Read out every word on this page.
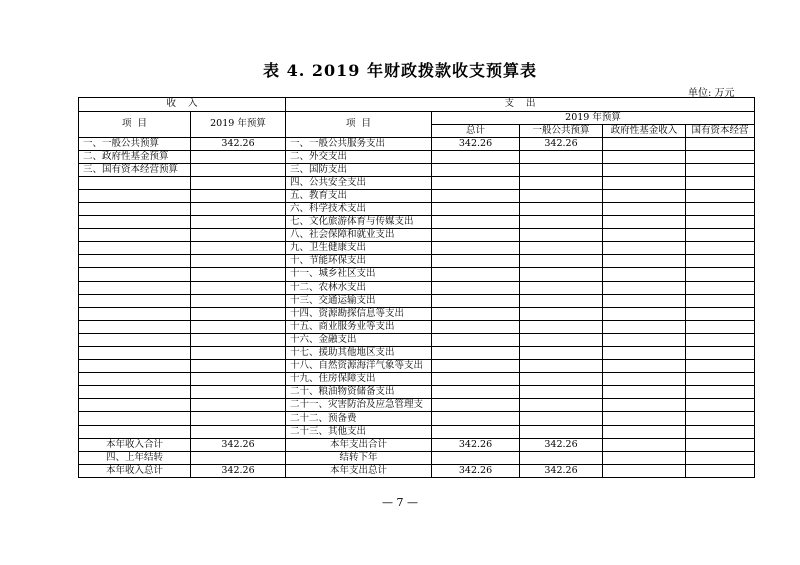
表 4. 2019 年财政拨款收支预算表
单位: 万元
收    入		支    出				
项  目	2019 年预算	项  目	2019 年预算			
			总计	一般公共预算	政府性基金收入	国有资本经营
一、一般公共预算	342.26	一、一般公共服务支出	342.26	342.26		
二、政府性基金预算		二、外交支出				
三、国有资本经营预算		三、国防支出				
		四、公共安全支出				
		五、教育支出				
		六、科学技术支出				
		七、文化旅游体育与传媒支出				
		八、社会保障和就业支出				
		九、卫生健康支出				
		十、节能环保支出				
		十一、城乡社区支出				
		十二、农林水支出				
		十三、交通运输支出				
		十四、资源勘探信息等支出				
		十五、商业服务业等支出				
		十六、金融支出				
		十七、援助其他地区支出				
		十八、自然资源海洋气象等支出				
		十九、住房保障支出				
		二十、粮油物资储备支出				
		二十一、灾害防治及应急管理支				
		二十二、预备费				
		二十三、其他支出				
本年收入合计	342.26	本年支出合计	342.26	342.26		
四、上年结转		结转下年				
本年收入总计	342.26	本年支出总计	342.26	342.26		
— 7 —
